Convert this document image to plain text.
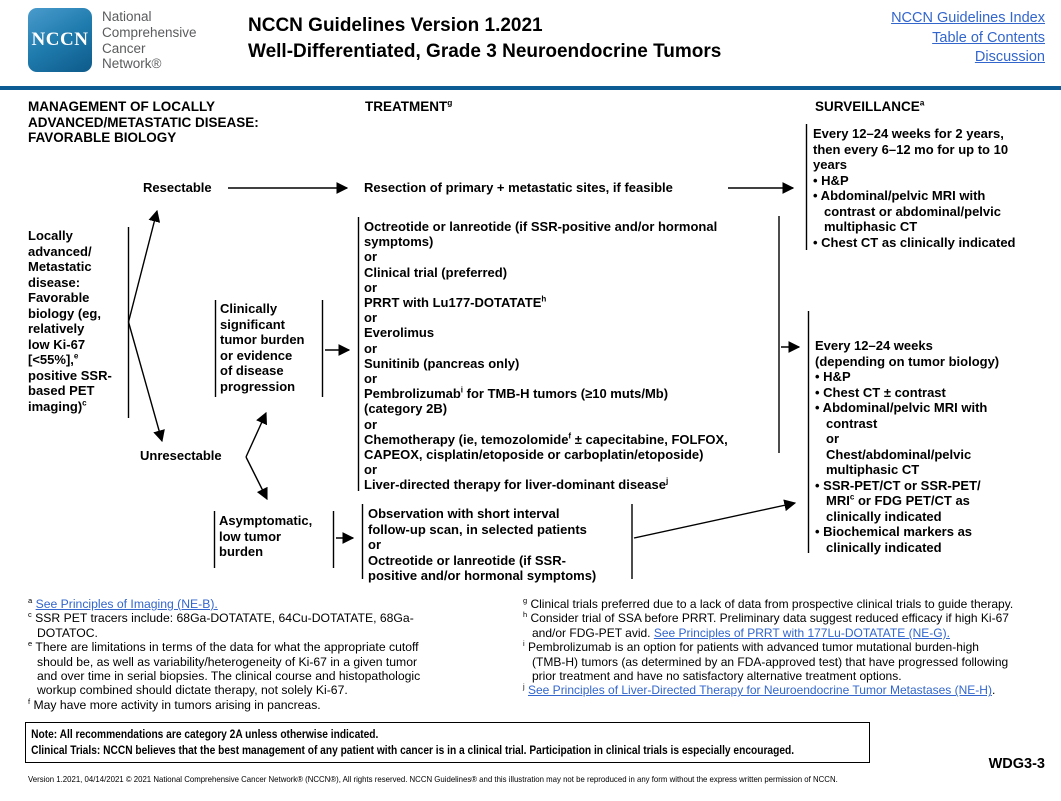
NCCN
National
Comprehensive
Cancer
Network®
NCCN Guidelines Version 1.2021
Well-Differentiated, Grade 3 Neuroendocrine Tumors
NCCN Guidelines Index
Table of Contents
Discussion
MANAGEMENT OF LOCALLY
ADVANCED/METASTATIC DISEASE:
FAVORABLE BIOLOGY
TREATMENT$^g$	SURVEILLANCE$^a$
Locally
advanced/
Metastatic
disease:
Favorable
biology (eg,
relatively
low Ki-67
[<55%],$^e$
positive SSR-
based PET
imaging)$^c$
Resectable	Resection of primary + metastatic sites, if feasible
Every 12–24 weeks for 2 years,
then every 6–12 mo for up to 10
years
• H&P
• Abdominal/pelvic MRI with
contrast or abdominal/pelvic
multiphasic CT
• Chest CT as clinically indicated
Unresectable
Clinically
significant
tumor burden
or evidence
of disease
progression
Octreotide or lanreotide (if SSR-positive and/or hormonal
symptoms)
or
Clinical trial (preferred)
or
PRRT with Lu177-DOTATATE$^h$
or
Everolimus
or
Sunitinib (pancreas only)
or
Pembrolizumab$^i$ for TMB-H tumors (≥10 muts/Mb)
(category 2B)
or
Chemotherapy (ie, temozolomide$^f$ ± capecitabine, FOLFOX,
CAPEOX, cisplatin/etoposide or carboplatin/etoposide)
or
Liver-directed therapy for liver-dominant disease$^j$
Every 12–24 weeks
(depending on tumor biology)
• H&P
• Chest CT ± contrast
• Abdominal/pelvic MRI with
contrast
or
Chest/abdominal/pelvic
multiphasic CT
• SSR-PET/CT or SSR-PET/
MRI$^c$ or FDG PET/CT as
clinically indicated
• Biochemical markers as
clinically indicated
Asymptomatic,
low tumor
burden
Observation with short interval
follow-up scan, in selected patients
or
Octreotide or lanreotide (if SSR-
positive and/or hormonal symptoms)
$^a$ See Principles of Imaging (NE-B).
$^c$ SSR PET tracers include: 68Ga-DOTATATE, 64Cu-DOTATATE, 68Ga-
DOTATOC.
$^e$ There are limitations in terms of the data for what the appropriate cutoff
should be, as well as variability/heterogeneity of Ki-67 in a given tumor
and over time in serial biopsies. The clinical course and histopathologic
workup combined should dictate therapy, not solely Ki-67.
$^f$ May have more activity in tumors arising in pancreas.
$^g$ Clinical trials preferred due to a lack of data from prospective clinical trials to guide therapy.
$^h$ Consider trial of SSA before PRRT. Preliminary data suggest reduced efficacy if high Ki-67
and/or FDG-PET avid. See Principles of PRRT with 177Lu-DOTATATE (NE-G).
$^i$ Pembrolizumab is an option for patients with advanced tumor mutational burden-high
(TMB-H) tumors (as determined by an FDA-approved test) that have progressed following
prior treatment and have no satisfactory alternative treatment options.
$^j$ See Principles of Liver-Directed Therapy for Neuroendocrine Tumor Metastases (NE-H).
Note: All recommendations are category 2A unless otherwise indicated.
Clinical Trials: NCCN believes that the best management of any patient with cancer is in a clinical trial. Participation in clinical trials is especially encouraged.
Version 1.2021, 04/14/2021 © 2021 National Comprehensive Cancer Network® (NCCN®), All rights reserved. NCCN Guidelines® and this illustration may not be reproduced in any form without the express written permission of NCCN.
WDG3-3
